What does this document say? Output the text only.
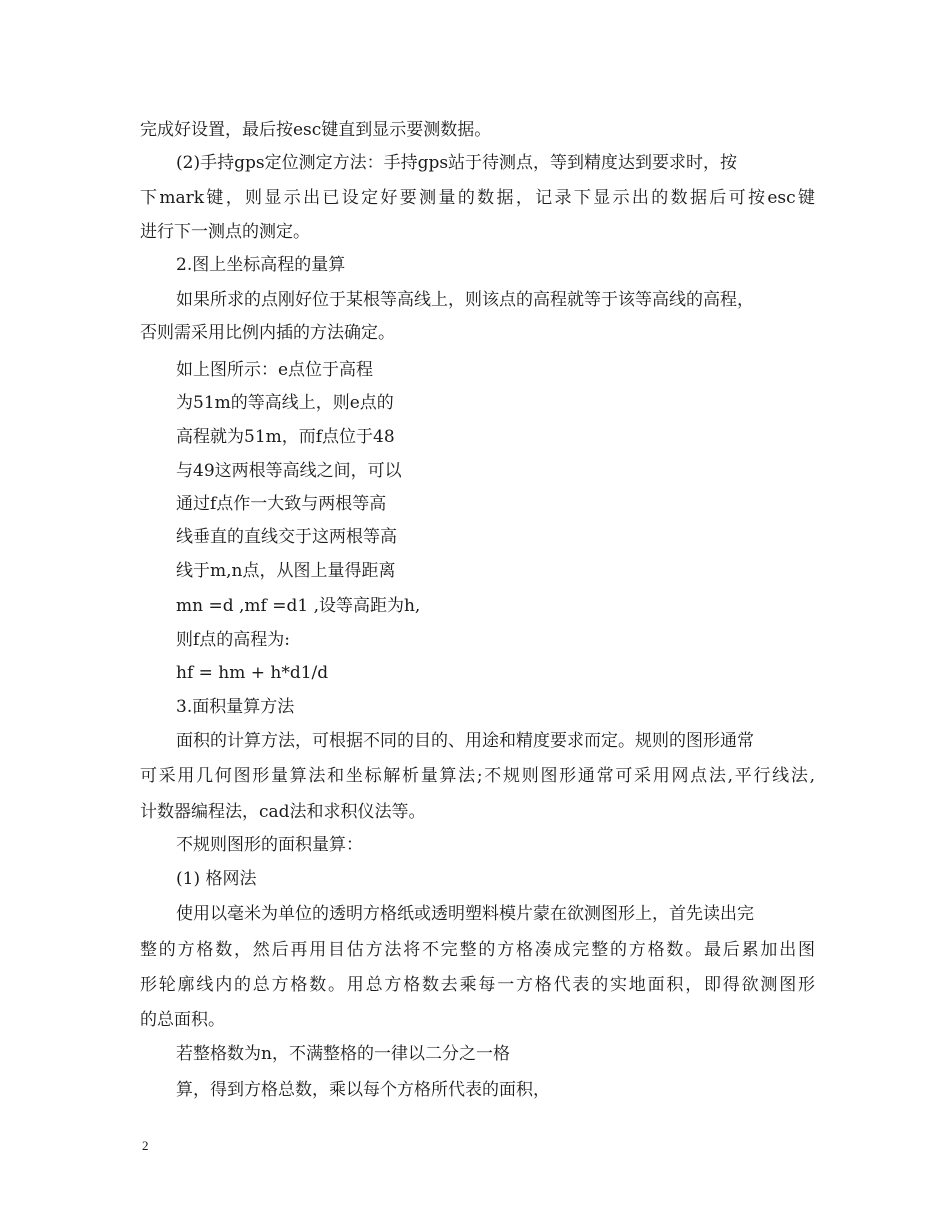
完成好设置，最后按esc键直到显示要测数据。
(2)手持gps定位测定方法：手持gps站于待测点，等到精度达到要求时，按
下mark键，则显示出已设定好要测量的数据，记录下显示出的数据后可按esc键
进行下一测点的测定。
2.图上坐标高程的量算
如果所求的点刚好位于某根等高线上，则该点的高程就等于该等高线的高程，
否则需采用比例内插的方法确定。
如上图所示：e点位于高程
为51m的等高线上，则e点的
高程就为51m，而f点位于48
与49这两根等高线之间，可以
通过f点作一大致与两根等高
线垂直的直线交于这两根等高
线于m,n点，从图上量得距离
mn =d ,mf =d1 ,设等高距为h,
则f点的高程为:
hf = hm + h*d1/d
3.面积量算方法
面积的计算方法，可根据不同的目的、用途和精度要求而定。规则的图形通常
可采用几何图形量算法和坐标解析量算法;不规则图形通常可采用网点法,平行线法,
计数器编程法，cad法和求积仪法等。
不规则图形的面积量算：
(1) 格网法
使用以毫米为单位的透明方格纸或透明塑料模片蒙在欲测图形上，首先读出完
整的方格数，然后再用目估方法将不完整的方格凑成完整的方格数。最后累加出图
形轮廓线内的总方格数。用总方格数去乘每一方格代表的实地面积，即得欲测图形
的总面积。
若整格数为n，不满整格的一律以二分之一格
算，得到方格总数，乘以每个方格所代表的面积，
2
